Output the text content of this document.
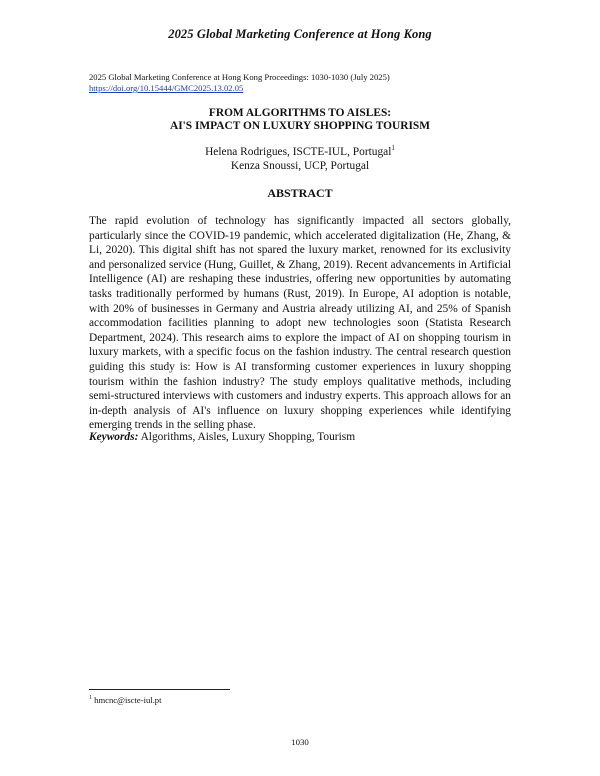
2025 Global Marketing Conference at Hong Kong
2025 Global Marketing Conference at Hong Kong Proceedings: 1030-1030 (July 2025)
https://doi.org/10.15444/GMC2025.13.02.05
FROM ALGORITHMS TO AISLES:
AI'S IMPACT ON LUXURY SHOPPING TOURISM
Helena Rodrigues, ISCTE-IUL, Portugal$^1$
Kenza Snoussi, UCP, Portugal
ABSTRACT

The rapid evolution of technology has significantly impacted all sectors globally, particularly since the COVID-19 pandemic, which accelerated digitalization (He, Zhang, & Li, 2020). This digital shift has not spared the luxury market, renowned for its exclusivity and personalized service (Hung, Guillet, & Zhang, 2019). Recent advancements in Artificial Intelligence (AI) are reshaping these industries, offering new opportunities by automating tasks traditionally performed by humans (Rust, 2019). In Europe, AI adoption is notable, with 20% of businesses in Germany and Austria already utilizing AI, and 25% of Spanish accommodation facilities planning to adopt new technologies soon (Statista Research Department, 2024). This research aims to explore the impact of AI on shopping tourism in luxury markets, with a specific focus on the fashion industry. The central research question guiding this study is: How is AI transforming customer experiences in luxury shopping tourism within the fashion industry? The study employs qualitative methods, including semi-structured interviews with customers and industry experts. This approach allows for an in-depth analysis of AI's influence on luxury shopping experiences while identifying emerging trends in the selling phase.

Keywords: Algorithms, Aisles, Luxury Shopping, Tourism
$^1$ hmcnc@iscte-iul.pt
1030
